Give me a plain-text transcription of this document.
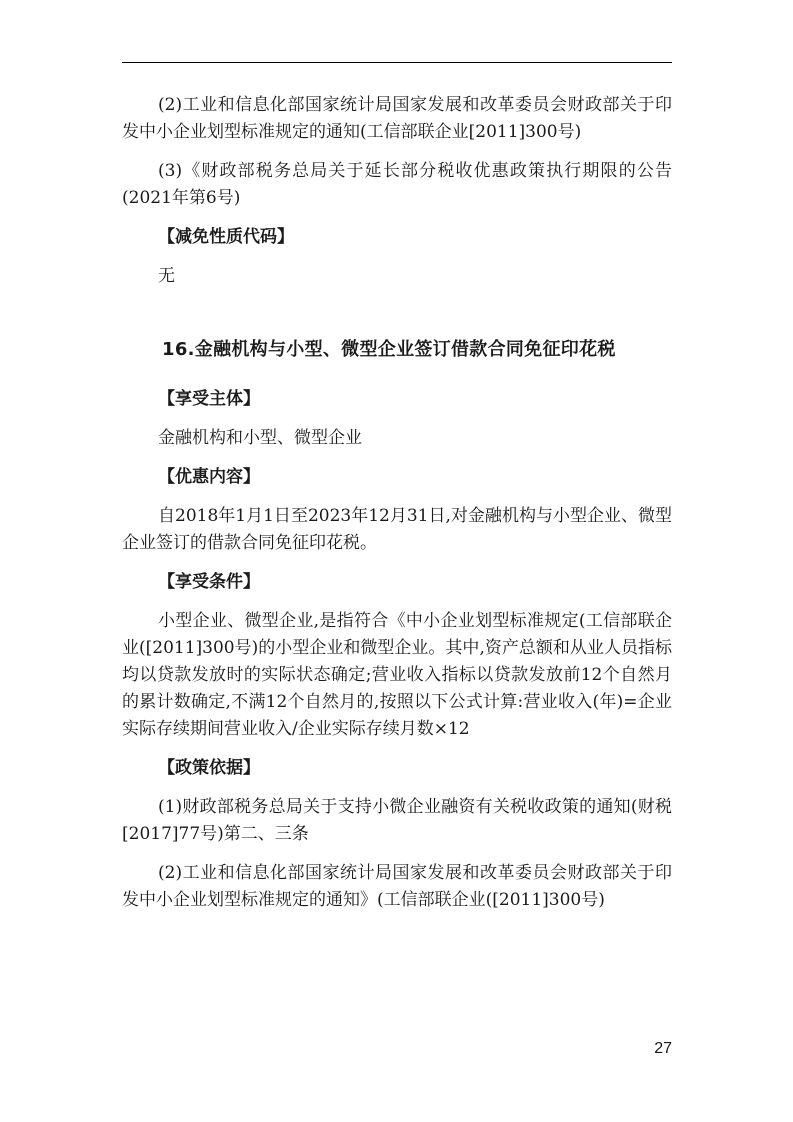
(2)工业和信息化部国家统计局国家发展和改革委员会财政部关于印发中小企业划型标准规定的通知(工信部联企业[2011]300号)

(3)《财政部税务总局关于延长部分税收优惠政策执行期限的公告(2021年第6号)

【减免性质代码】

无

16.金融机构与小型、微型企业签订借款合同免征印花税
【享受主体】

金融机构和小型、微型企业

【优惠内容】

自2018年1月1日至2023年12月31日,对金融机构与小型企业、微型企业签订的借款合同免征印花税。

【享受条件】

小型企业、微型企业,是指符合《中小企业划型标准规定(工信部联企业([2011]300号)的小型企业和微型企业。其中,资产总额和从业人员指标均以贷款发放时的实际状态确定;营业收入指标以贷款发放前12个自然月的累计数确定,不满12个自然月的,按照以下公式计算:营业收入(年)=企业实际存续期间营业收入/企业实际存续月数×12

【政策依据】

(1)财政部税务总局关于支持小微企业融资有关税收政策的通知(财税[2017]77号)第二、三条

(2)工业和信息化部国家统计局国家发展和改革委员会财政部关于印发中小企业划型标准规定的通知》(工信部联企业([2011]300号)

27
